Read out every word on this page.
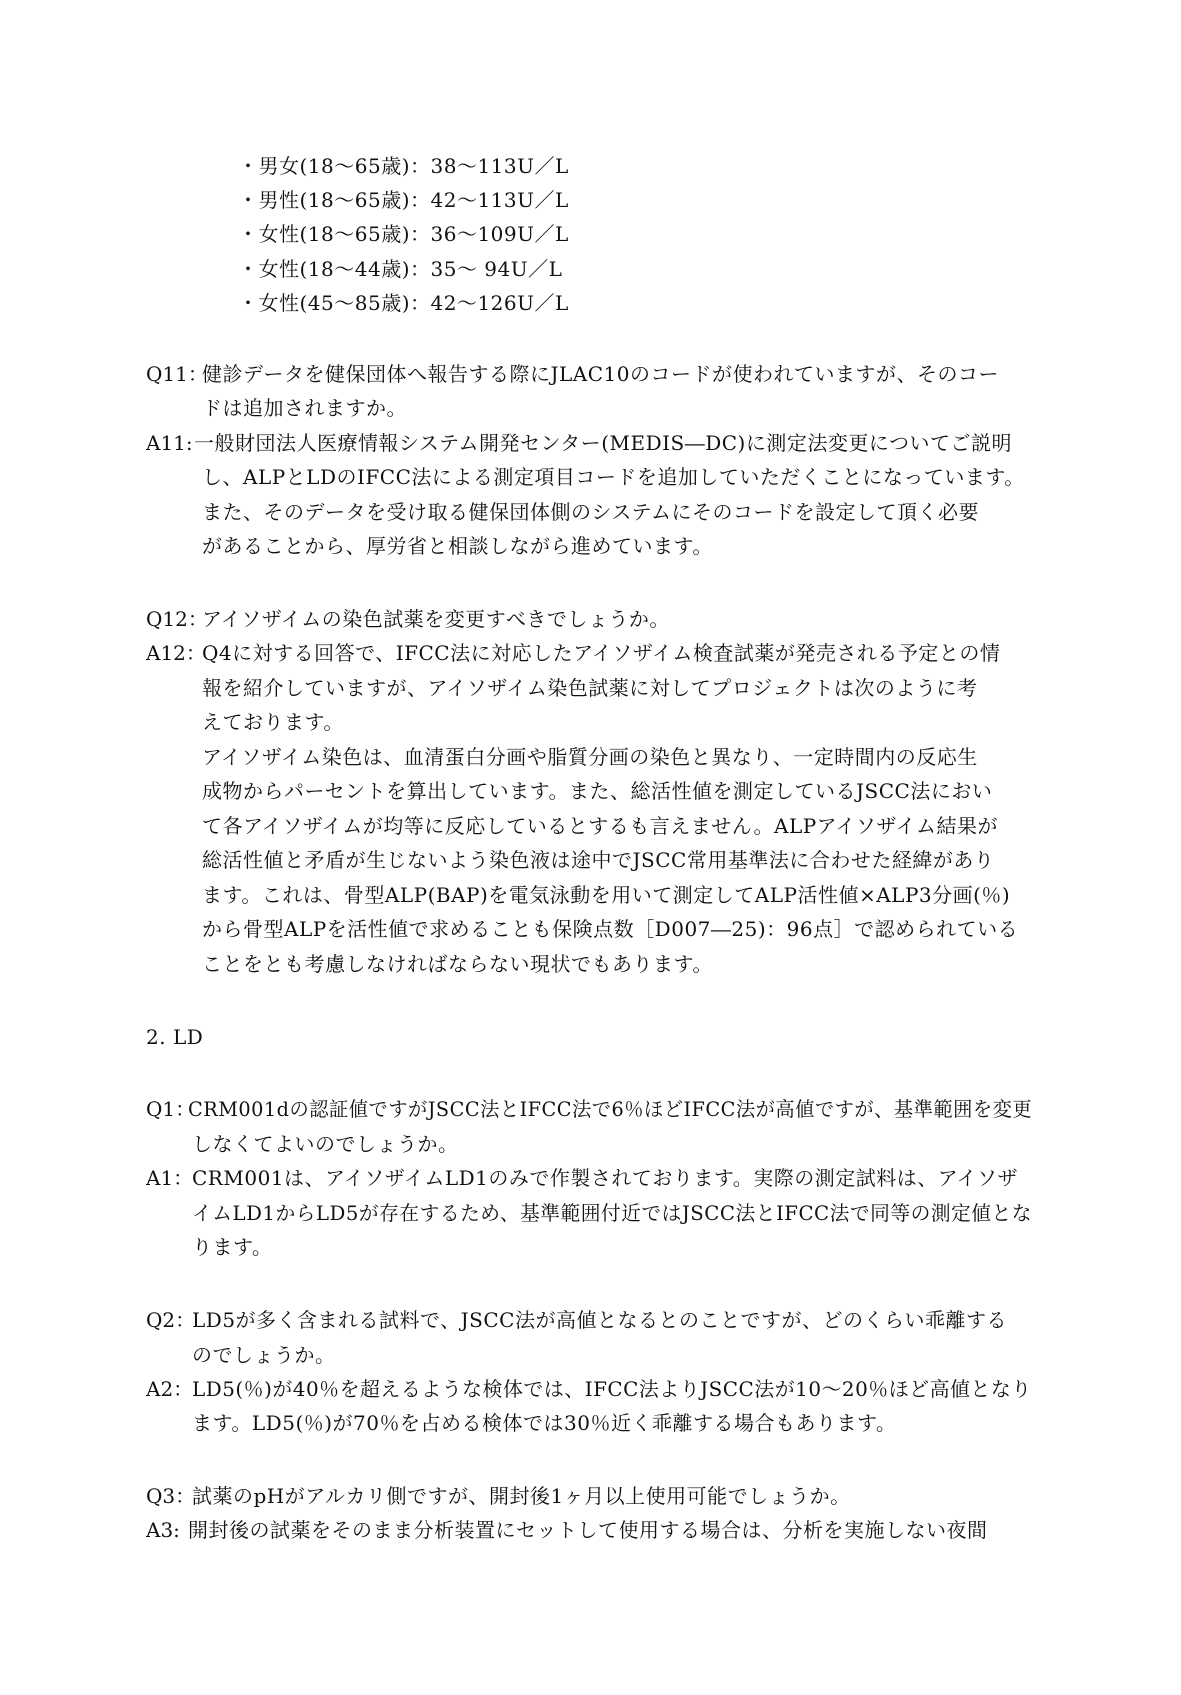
・男女(18～65歳)：38～113U／L
・男性(18～65歳)：42～113U／L
・女性(18～65歳)：36～109U／L
・女性(18～44歳)：35～ 94U／L
・女性(45～85歳)：42～126U／L
Q11：
健診データを健保団体へ報告する際にJLAC10のコードが使われていますが、そのコー
ドは追加されますか。
A11: 一般財団法人医療情報システム開発センター(MEDIS―DC)に測定法変更についてご説明
し、ALPとLDのIFCC法による測定項目コードを追加していただくことになっています。
また、そのデータを受け取る健保団体側のシステムにそのコードを設定して頂く必要
があることから、厚労省と相談しながら進めています。
Q12：
アイソザイムの染色試薬を変更すべきでしょうか。
A12：
Q4に対する回答で、IFCC法に対応したアイソザイム検査試薬が発売される予定との情
報を紹介していますが、アイソザイム染色試薬に対してプロジェクトは次のように考
えております。
アイソザイム染色は、血清蛋白分画や脂質分画の染色と異なり、一定時間内の反応生
成物からパーセントを算出しています。また、総活性値を測定しているJSCC法におい
て各アイソザイムが均等に反応しているとするも言えません。ALPアイソザイム結果が
総活性値と矛盾が生じないよう染色液は途中でJSCC常用基準法に合わせた経緯があり
ます。これは、骨型ALP(BAP)を電気泳動を用いて測定してALP活性値×ALP3分画(％)
から骨型ALPを活性値で求めることも保険点数［D007―25)：96点］で認められている
ことをとも考慮しなければならない現状でもあります。
2. LD
Q1：
CRM001dの認証値ですがJSCC法とIFCC法で6％ほどIFCC法が高値ですが、基準範囲を変更
しなくてよいのでしょうか。
A1：
CRM001は、アイソザイムLD1のみで作製されております。実際の測定試料は、アイソザ
イムLD1からLD5が存在するため、基準範囲付近ではJSCC法とIFCC法で同等の測定値とな
ります。
Q2：
LD5が多く含まれる試料で、JSCC法が高値となるとのことですが、どのくらい乖離する
のでしょうか。
A2：
LD5(％)が40％を超えるような検体では、IFCC法よりJSCC法が10～20％ほど高値となり
ます。LD5(％)が70％を占める検体では30％近く乖離する場合もあります。
Q3：
試薬のpHがアルカリ側ですが、開封後1ヶ月以上使用可能でしょうか。
A3: 開封後の試薬をそのまま分析装置にセットして使用する場合は、分析を実施しない夜間
